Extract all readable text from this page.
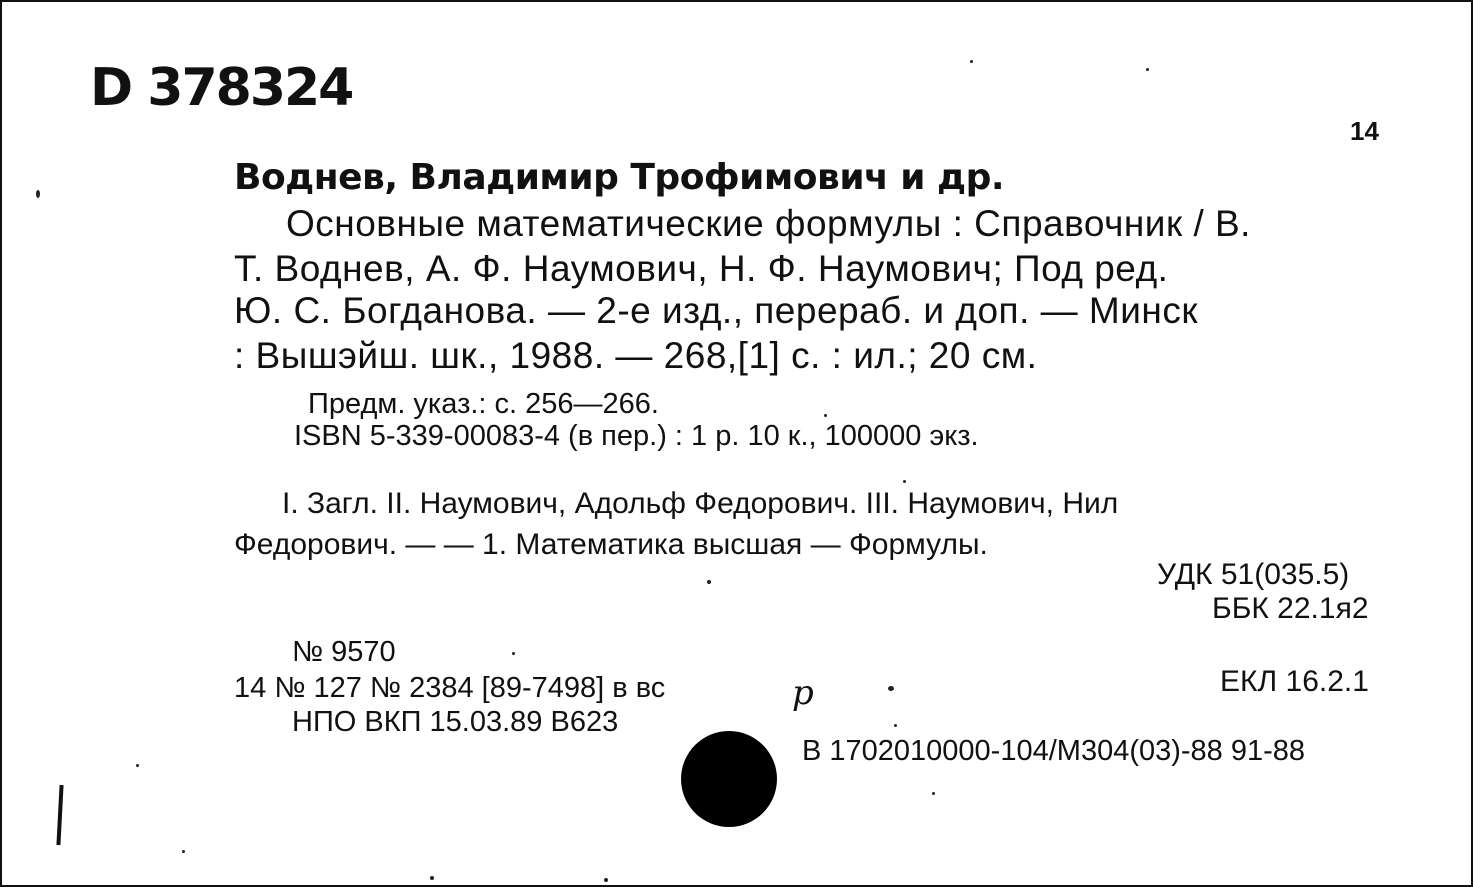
D 378324
14
Воднев, Владимир Трофимович и др.
Основные математические формулы : Справочник / В.
Т. Воднев, А. Ф. Наумович, Н. Ф. Наумович; Под ред.
Ю. С. Богданова. — 2-е изд., перераб. и доп. — Минск
: Вышэйш. шк., 1988. — 268,[1] с. : ил.; 20 см.
Предм. указ.: с. 256—266.
ISBN 5-339-00083-4 (в пер.) : 1 р. 10 к., 100000 экз.
I. Загл. II. Наумович, Адольф Федорович. III. Наумович, Нил
Федорович. — — 1. Математика высшая — Формулы.
УДК 51(035.5)
ББК 22.1я2
ЕКЛ 16.2.1
№ 9570
14 № 127 № 2384 [89-7498] в вс
НПО ВКП 15.03.89 В623
p
В 1702010000-104/М304(03)-88 91-88
